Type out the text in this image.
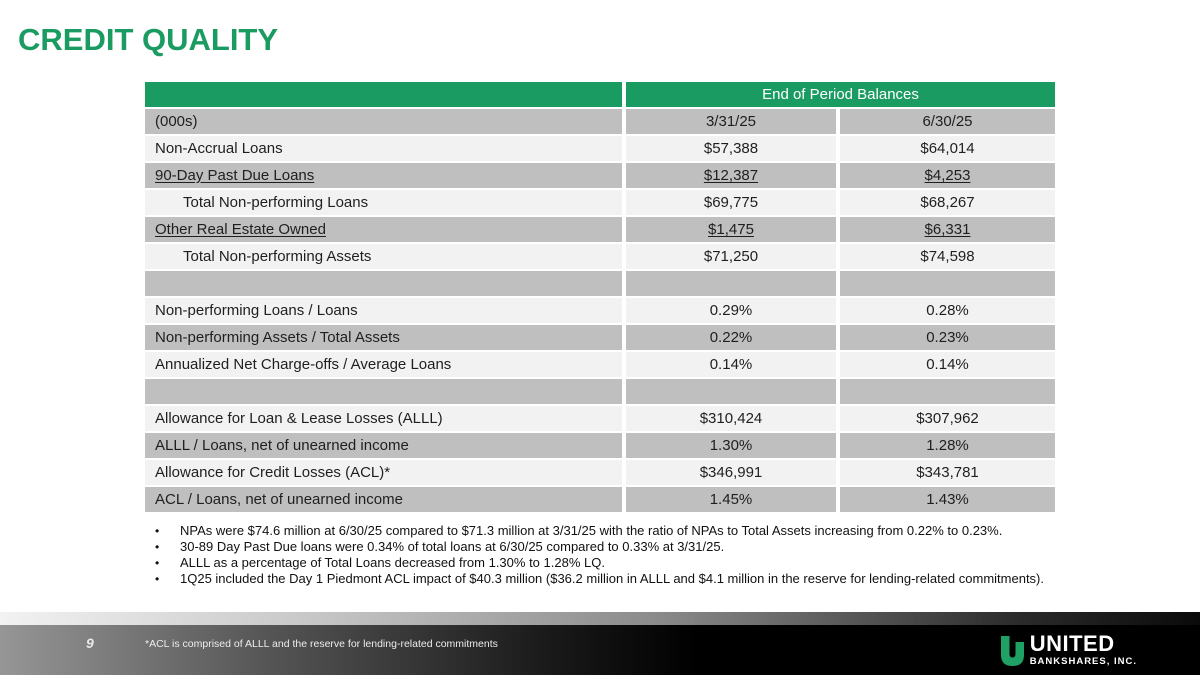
CREDIT QUALITY
End of Period Balances
(000s)	3/31/25	6/30/25
Non-Accrual Loans	$57,388	$64,014
90-Day Past Due Loans	$12,387	$4,253
Total Non-performing Loans	$69,775	$68,267
Other Real Estate Owned	$1,475	$6,331
Total Non-performing Assets	$71,250	$74,598
Non-performing Loans / Loans	0.29%	0.28%
Non-performing Assets / Total Assets	0.22%	0.23%
Annualized Net Charge-offs / Average Loans	0.14%	0.14%
Allowance for Loan & Lease Losses (ALLL)	$310,424	$307,962
ALLL / Loans, net of unearned income	1.30%	1.28%
Allowance for Credit Losses (ACL)*	$346,991	$343,781
ACL / Loans, net of unearned income	1.45%	1.43%
•	NPAs were $74.6 million at 6/30/25 compared to $71.3 million at 3/31/25 with the ratio of NPAs to Total Assets increasing from 0.22% to 0.23%.
•	30-89 Day Past Due loans were 0.34% of total loans at 6/30/25 compared to 0.33% at 3/31/25.
•	ALLL as a percentage of Total Loans decreased from 1.30% to 1.28% LQ.
•	1Q25 included the Day 1 Piedmont ACL impact of $40.3 million ($36.2 million in ALLL and $4.1 million in the reserve for lending-related commitments).
9	*ACL is comprised of ALLL and the reserve for lending-related commitments	UNITED
BANKSHARES, INC.
